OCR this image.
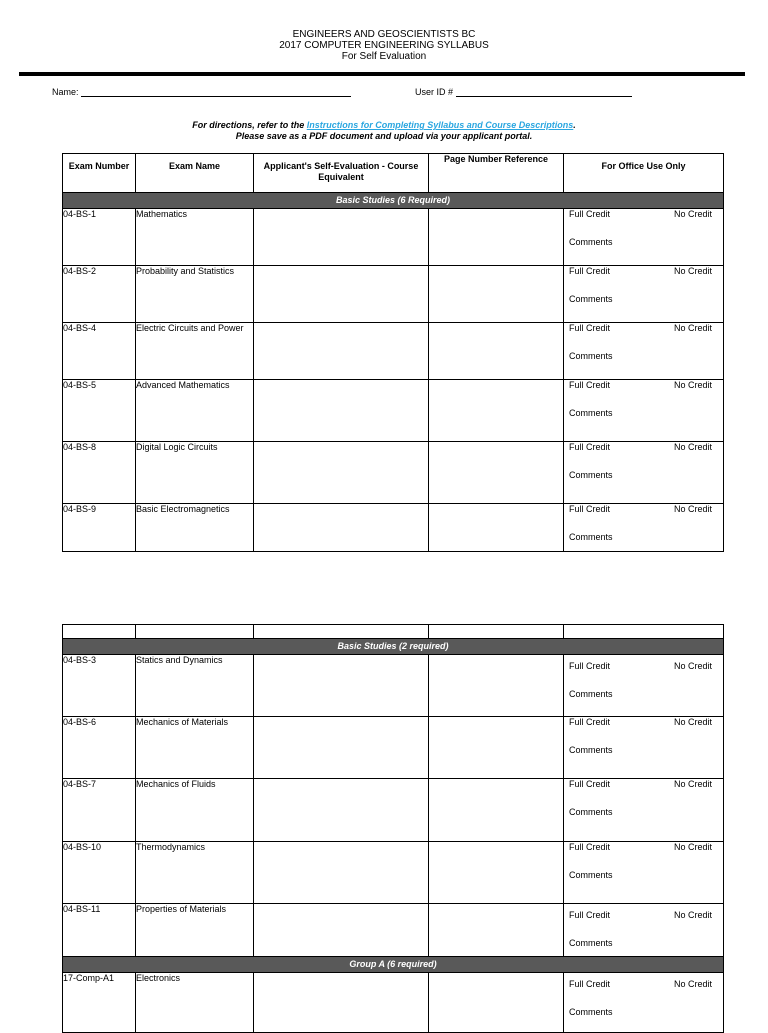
ENGINEERS AND GEOSCIENTISTS BC
2017 COMPUTER ENGINEERING SYLLABUS
For Self Evaluation
Name:	User ID #
For directions, refer to the Instructions for Completing Syllabus and Course Descriptions.
Please save as a PDF document and upload via your applicant portal.
Exam Number	Exam Name	Applicant's Self-Evaluation - Course Equivalent	Page Number Reference	For Office Use Only
Basic Studies (6 Required)				
04-BS-1	Mathematics			Full Credit No Credit
Comments

04-BS-2	Probability and Statistics			Full Credit No Credit
Comments

04-BS-4	Electric Circuits and Power			Full Credit No Credit
Comments

04-BS-5	Advanced Mathematics			Full Credit No Credit
Comments

04-BS-8	Digital Logic Circuits			Full Credit No Credit
Comments

04-BS-9	Basic Electromagnetics			Full Credit No Credit
Comments

Basic Studies (2 required)				
04-BS-3	Statics and Dynamics			Full Credit No Credit
Comments

04-BS-6	Mechanics of Materials			Full Credit No Credit
Comments

04-BS-7	Mechanics of Fluids			Full Credit No Credit
Comments

04-BS-10	Thermodynamics			Full Credit No Credit
Comments

04-BS-11	Properties of Materials			Full Credit No Credit
Comments

Group A (6 required)				
17-Comp-A1	Electronics			Full Credit No Credit
Comments
